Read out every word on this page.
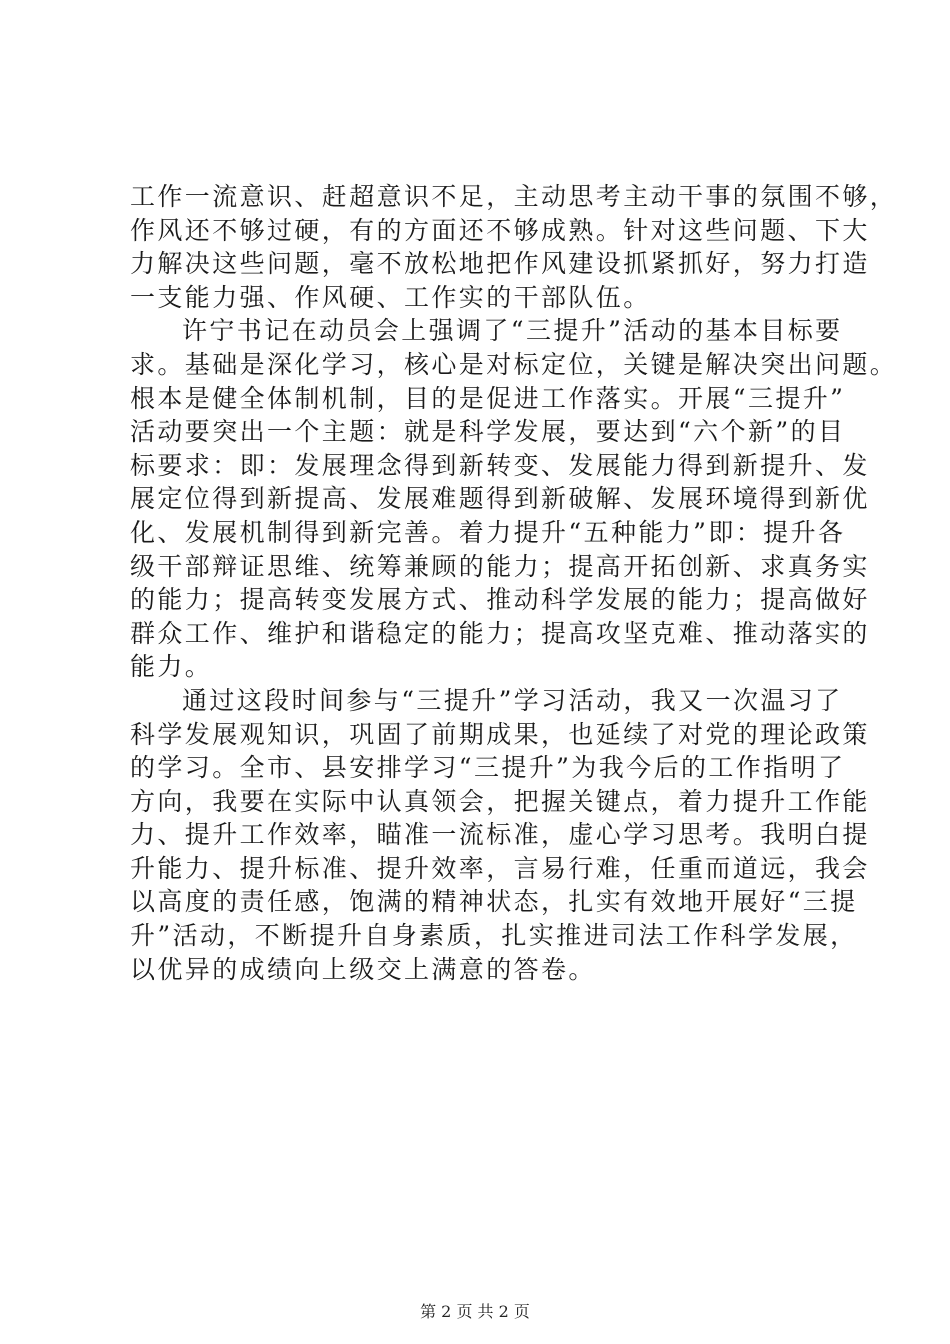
工作一流意识、赶超意识不足，主动思考主动干事的氛围不够，
作风还不够过硬，有的方面还不够成熟。针对这些问题、下大
力解决这些问题，毫不放松地把作风建设抓紧抓好，努力打造
一支能力强、作风硬、工作实的干部队伍。
许宁书记在动员会上强调了“三提升”活动的基本目标要
求。基础是深化学习，核心是对标定位，关键是解决突出问题。
根本是健全体制机制，目的是促进工作落实。开展“三提升”
活动要突出一个主题：就是科学发展，要达到“六个新”的目
标要求：即：发展理念得到新转变、发展能力得到新提升、发
展定位得到新提高、发展难题得到新破解、发展环境得到新优
化、发展机制得到新完善。着力提升“五种能力”即：提升各
级干部辩证思维、统筹兼顾的能力；提高开拓创新、求真务实
的能力；提高转变发展方式、推动科学发展的能力；提高做好
群众工作、维护和谐稳定的能力；提高攻坚克难、推动落实的
能力。
通过这段时间参与“三提升”学习活动，我又一次温习了
科学发展观知识，巩固了前期成果，也延续了对党的理论政策
的学习。全市、县安排学习“三提升”为我今后的工作指明了
方向，我要在实际中认真领会，把握关键点，着力提升工作能
力、提升工作效率，瞄准一流标准，虚心学习思考。我明白提
升能力、提升标准、提升效率，言易行难，任重而道远，我会
以高度的责任感，饱满的精神状态，扎实有效地开展好“三提
升”活动，不断提升自身素质，扎实推进司法工作科学发展，
以优异的成绩向上级交上满意的答卷。
第 2 页 共 2 页
